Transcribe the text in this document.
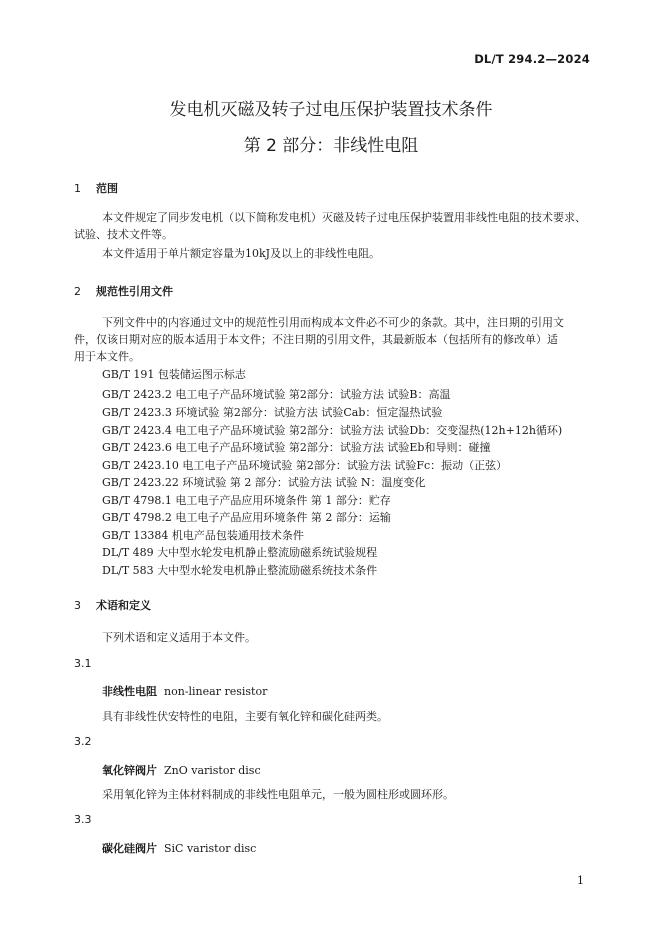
DL/T 294.2—2024
发电机灭磁及转子过电压保护装置技术条件
第 2 部分：非线性电阻
1 范围
本文件规定了同步发电机（以下简称发电机）灭磁及转子过电压保护装置用非线性电阻的技术要求、
试验、技术文件等。
本文件适用于单片额定容量为10kJ及以上的非线性电阻。
2 规范性引用文件
下列文件中的内容通过文中的规范性引用而构成本文件必不可少的条款。其中，注日期的引用文
件，仅该日期对应的版本适用于本文件；不注日期的引用文件，其最新版本（包括所有的修改单）适
用于本文件。
GB/T 191 包装储运图示标志
GB/T 2423.2 电工电子产品环境试验 第2部分：试验方法 试验B：高温
GB/T 2423.3 环境试验 第2部分：试验方法 试验Cab：恒定湿热试验
GB/T 2423.4 电工电子产品环境试验 第2部分：试验方法 试验Db：交变湿热(12h+12h循环)
GB/T 2423.6 电工电子产品环境试验 第2部分：试验方法 试验Eb和导则：碰撞
GB/T 2423.10 电工电子产品环境试验 第2部分：试验方法 试验Fc：振动（正弦）
GB/T 2423.22 环境试验 第 2 部分：试验方法 试验 N：温度变化
GB/T 4798.1 电工电子产品应用环境条件 第 1 部分：贮存
GB/T 4798.2 电工电子产品应用环境条件 第 2 部分：运输
GB/T 13384 机电产品包装通用技术条件
DL/T 489 大中型水轮发电机静止整流励磁系统试验规程
DL/T 583 大中型水轮发电机静止整流励磁系统技术条件
3 术语和定义
下列术语和定义适用于本文件。
3.1
非线性电阻 non-linear resistor
具有非线性伏安特性的电阻，主要有氧化锌和碳化硅两类。
3.2
氧化锌阀片 ZnO varistor disc
采用氧化锌为主体材料制成的非线性电阻单元，一般为圆柱形或圆环形。
3.3
碳化硅阀片 SiC varistor disc
1
